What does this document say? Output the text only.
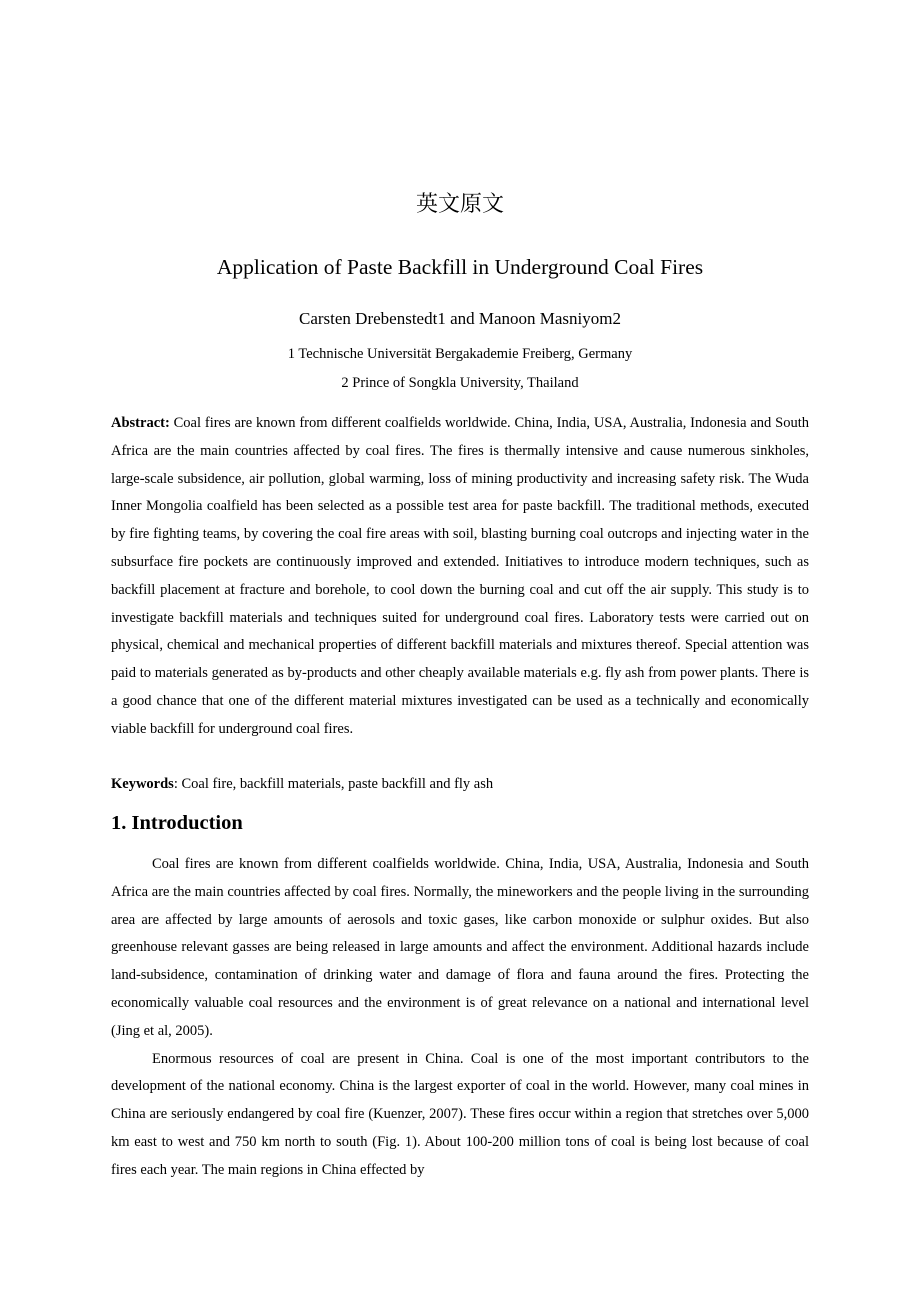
英文原文
Application of Paste Backfill in Underground Coal Fires
Carsten Drebenstedt1 and Manoon Masniyom2
1 Technische Universität Bergakademie Freiberg, Germany
2 Prince of Songkla University, Thailand

Abstract: Coal fires are known from different coalfields worldwide. China, India, USA, Australia, Indonesia and South Africa are the main countries affected by coal fires. The fires is thermally intensive and cause numerous sinkholes, large-scale subsidence, air pollution, global warming, loss of mining productivity and increasing safety risk. The Wuda Inner Mongolia coalfield has been selected as a possible test area for paste backfill. The traditional methods, executed by fire fighting teams, by covering the coal fire areas with soil, blasting burning coal outcrops and injecting water in the subsurface fire pockets are continuously improved and extended. Initiatives to introduce modern techniques, such as backfill placement at fracture and borehole, to cool down the burning coal and cut off the air supply. This study is to investigate backfill materials and techniques suited for underground coal fires. Laboratory tests were carried out on physical, chemical and mechanical properties of different backfill materials and mixtures thereof. Special attention was paid to materials generated as by-products and other cheaply available materials e.g. fly ash from power plants. There is a good chance that one of the different material mixtures investigated can be used as a technically and economically viable backfill for underground coal fires.

Keywords: Coal fire, backfill materials, paste backfill and fly ash

1. Introduction

Coal fires are known from different coalfields worldwide. China, India, USA, Australia, Indonesia and South Africa are the main countries affected by coal fires. Normally, the mineworkers and the people living in the surrounding area are affected by large amounts of aerosols and toxic gases, like carbon monoxide or sulphur oxides. But also greenhouse relevant gasses are being released in large amounts and affect the environment. Additional hazards include land-subsidence, contamination of drinking water and damage of flora and fauna around the fires. Protecting the economically valuable coal resources and the environment is of great relevance on a national and international level (Jing et al, 2005).

Enormous resources of coal are present in China. Coal is one of the most important contributors to the development of the national economy. China is the largest exporter of coal in the world. However, many coal mines in China are seriously endangered by coal fire (Kuenzer, 2007). These fires occur within a region that stretches over 5,000 km east to west and 750 km north to south (Fig. 1). About 100-200 million tons of coal is being lost because of coal fires each year. The main regions in China effected by
